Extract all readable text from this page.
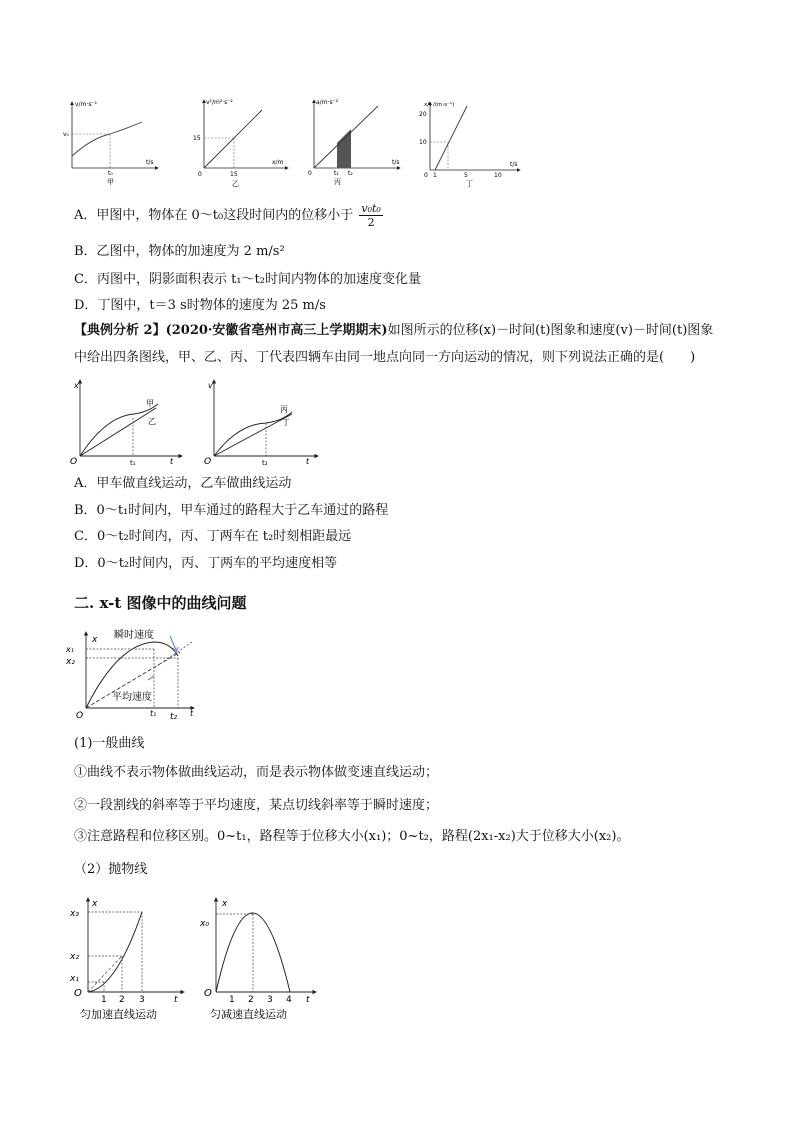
v/m·s⁻¹
v₀
t₀
t/s
甲
v²/m²·s⁻²
15
15
0
x/m
乙
a/m·s⁻²
t₁ t₂
0
t/s
丙
x/t /(m·s⁻¹)
20
10
1	5	10
0
t/s
丁
A．甲图中，物体在 0～t₀这段时间内的位移小于 $\frac{\text{v₀t₀}}{2}$
B．乙图中，物体的加速度为 2 m/s²
C．丙图中，阴影面积表示 t₁～t₂时间内物体的加速度变化量
D．丁图中，t＝3 s时物体的速度为 25 m/s
【典例分析 2】(2020·安徽省亳州市高三上学期期末)如图所示的位移(x)－时间(t)图象和速度(v)－时间(t)图象
中给出四条图线，甲、乙、丙、丁代表四辆车由同一地点向同一方向运动的情况，则下列说法正确的是(　　)
x
O	t
t₁
甲
乙
v
O	t
t₂
丙
丁
A．甲车做直线运动，乙车做曲线运动
B．0～t₁时间内，甲车通过的路程大于乙车通过的路程
C．0～t₂时间内，丙、丁两车在 t₂时刻相距最远
D．0～t₂时间内，丙、丁两车的平均速度相等
二. x-t 图像中的曲线问题
x 瞬时速度
平均速度
x₁
x₂
O	t₁ t₂ t
(1)一般曲线
①曲线不表示物体做曲线运动，而是表示物体做变速直线运动；
②一段割线的斜率等于平均速度，某点切线斜率等于瞬时速度；
③注意路程和位移区别。0~t₁，路程等于位移大小(x₁)；0~t₂，路程(2x₁-x₂)大于位移大小(x₂)。
（2）抛物线
x
x₃
x₂
x₁
O
1 2 3	t
匀加速直线运动
x
x₀
O
1 2 3 4 t
匀减速直线运动
